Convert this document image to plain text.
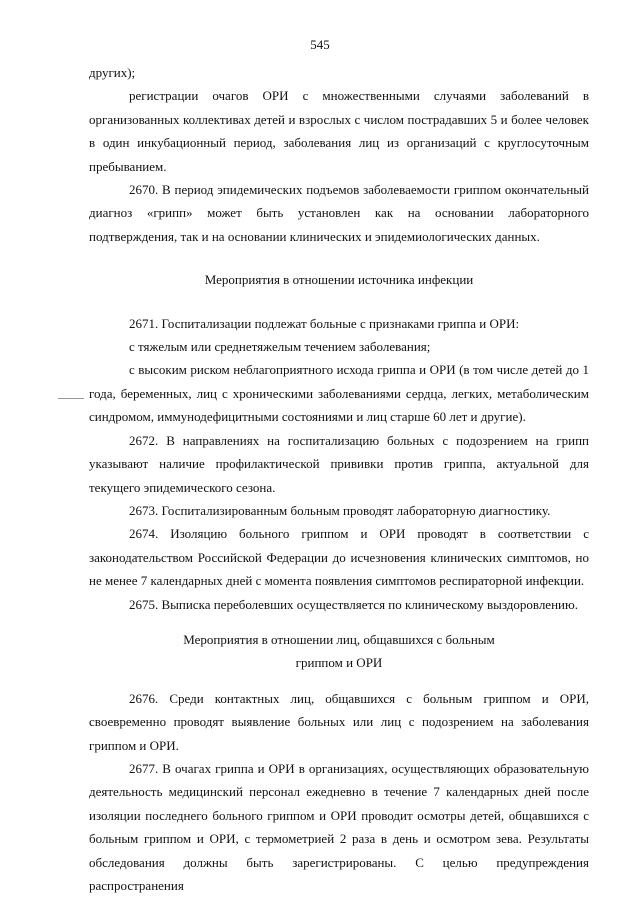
545

других);

регистрации очагов ОРИ с множественными случаями заболеваний в организованных коллективах детей и взрослых с числом пострадавших 5 и более человек в один инкубационный период, заболевания лиц из организаций с круглосуточным пребыванием.

2670. В период эпидемических подъемов заболеваемости гриппом окончательный диагноз «грипп» может быть установлен как на основании лабораторного подтверждения, так и на основании клинических и эпидемиологических данных.

Мероприятия в отношении источника инфекции

2671. Госпитализации подлежат больные с признаками гриппа и ОРИ:

с тяжелым или среднетяжелым течением заболевания;

с высоким риском неблагоприятного исхода гриппа и ОРИ (в том числе детей до 1 года, беременных, лиц с хроническими заболеваниями сердца, легких, метаболическим синдромом, иммунодефицитными состояниями и лиц старше 60 лет и другие).

2672. В направлениях на госпитализацию больных с подозрением на грипп указывают наличие профилактической прививки против гриппа, актуальной для текущего эпидемического сезона.

2673. Госпитализированным больным проводят лабораторную диагностику.

2674. Изоляцию больного гриппом и ОРИ проводят в соответствии с законодательством Российской Федерации до исчезновения клинических симптомов, но не менее 7 календарных дней с момента появления симптомов респираторной инфекции.

2675. Выписка переболевших осуществляется по клиническому выздоровлению.

Мероприятия в отношении лиц, общавшихся с больным

гриппом и ОРИ

2676. Среди контактных лиц, общавшихся с больным гриппом и ОРИ, своевременно проводят выявление больных или лиц с подозрением на заболевания гриппом и ОРИ.

2677. В очагах гриппа и ОРИ в организациях, осуществляющих образовательную деятельность медицинский персонал ежедневно в течение 7 календарных дней после изоляции последнего больного гриппом и ОРИ проводит осмотры детей, общавшихся с больным гриппом и ОРИ, с термометрией 2 раза в день и осмотром зева. Результаты обследования должны быть зарегистрированы. С целью предупреждения распространения
